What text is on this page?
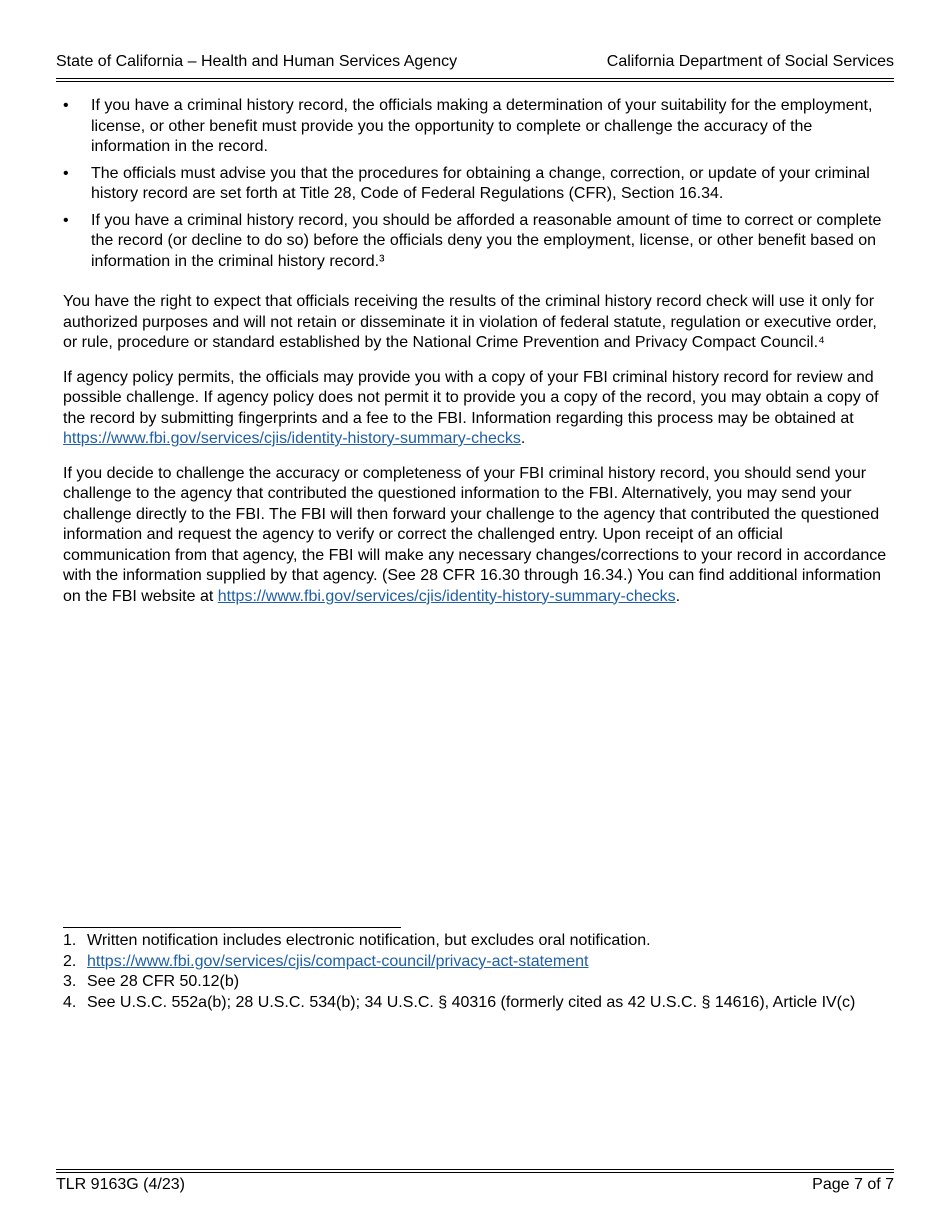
State of California – Health and Human Services Agency	California Department of Social Services
• If you have a criminal history record, the officials making a determination of your suitability for the employment, license, or other benefit must provide you the opportunity to complete or challenge the accuracy of the information in the record.
• The officials must advise you that the procedures for obtaining a change, correction, or update of your criminal history record are set forth at Title 28, Code of Federal Regulations (CFR), Section 16.34.
• If you have a criminal history record, you should be afforded a reasonable amount of time to correct or complete the record (or decline to do so) before the officials deny you the employment, license, or other benefit based on information in the criminal history record.³

You have the right to expect that officials receiving the results of the criminal history record check will use it only for authorized purposes and will not retain or disseminate it in violation of federal statute, regulation or executive order, or rule, procedure or standard established by the National Crime Prevention and Privacy Compact Council.⁴

If agency policy permits, the officials may provide you with a copy of your FBI criminal history record for review and possible challenge. If agency policy does not permit it to provide you a copy of the record, you may obtain a copy of the record by submitting fingerprints and a fee to the FBI. Information regarding this process may be obtained at https://www.fbi.gov/services/cjis/identity-history-summary-checks.

If you decide to challenge the accuracy or completeness of your FBI criminal history record, you should send your challenge to the agency that contributed the questioned information to the FBI. Alternatively, you may send your challenge directly to the FBI. The FBI will then forward your challenge to the agency that contributed the questioned information and request the agency to verify or correct the challenged entry. Upon receipt of an official communication from that agency, the FBI will make any necessary changes/corrections to your record in accordance with the information supplied by that agency. (See 28 CFR 16.30 through 16.34.) You can find additional information on the FBI website at https://www.fbi.gov/services/cjis/identity-history-summary-checks.

1. Written notification includes electronic notification, but excludes oral notification.
2. https://www.fbi.gov/services/cjis/compact-council/privacy-act-statement
3. See 28 CFR 50.12(b)
4. See U.S.C. 552a(b); 28 U.S.C. 534(b); 34 U.S.C. § 40316 (formerly cited as 42 U.S.C. § 14616), Article IV(c)
TLR 9163G (4/23)	Page 7 of 7
